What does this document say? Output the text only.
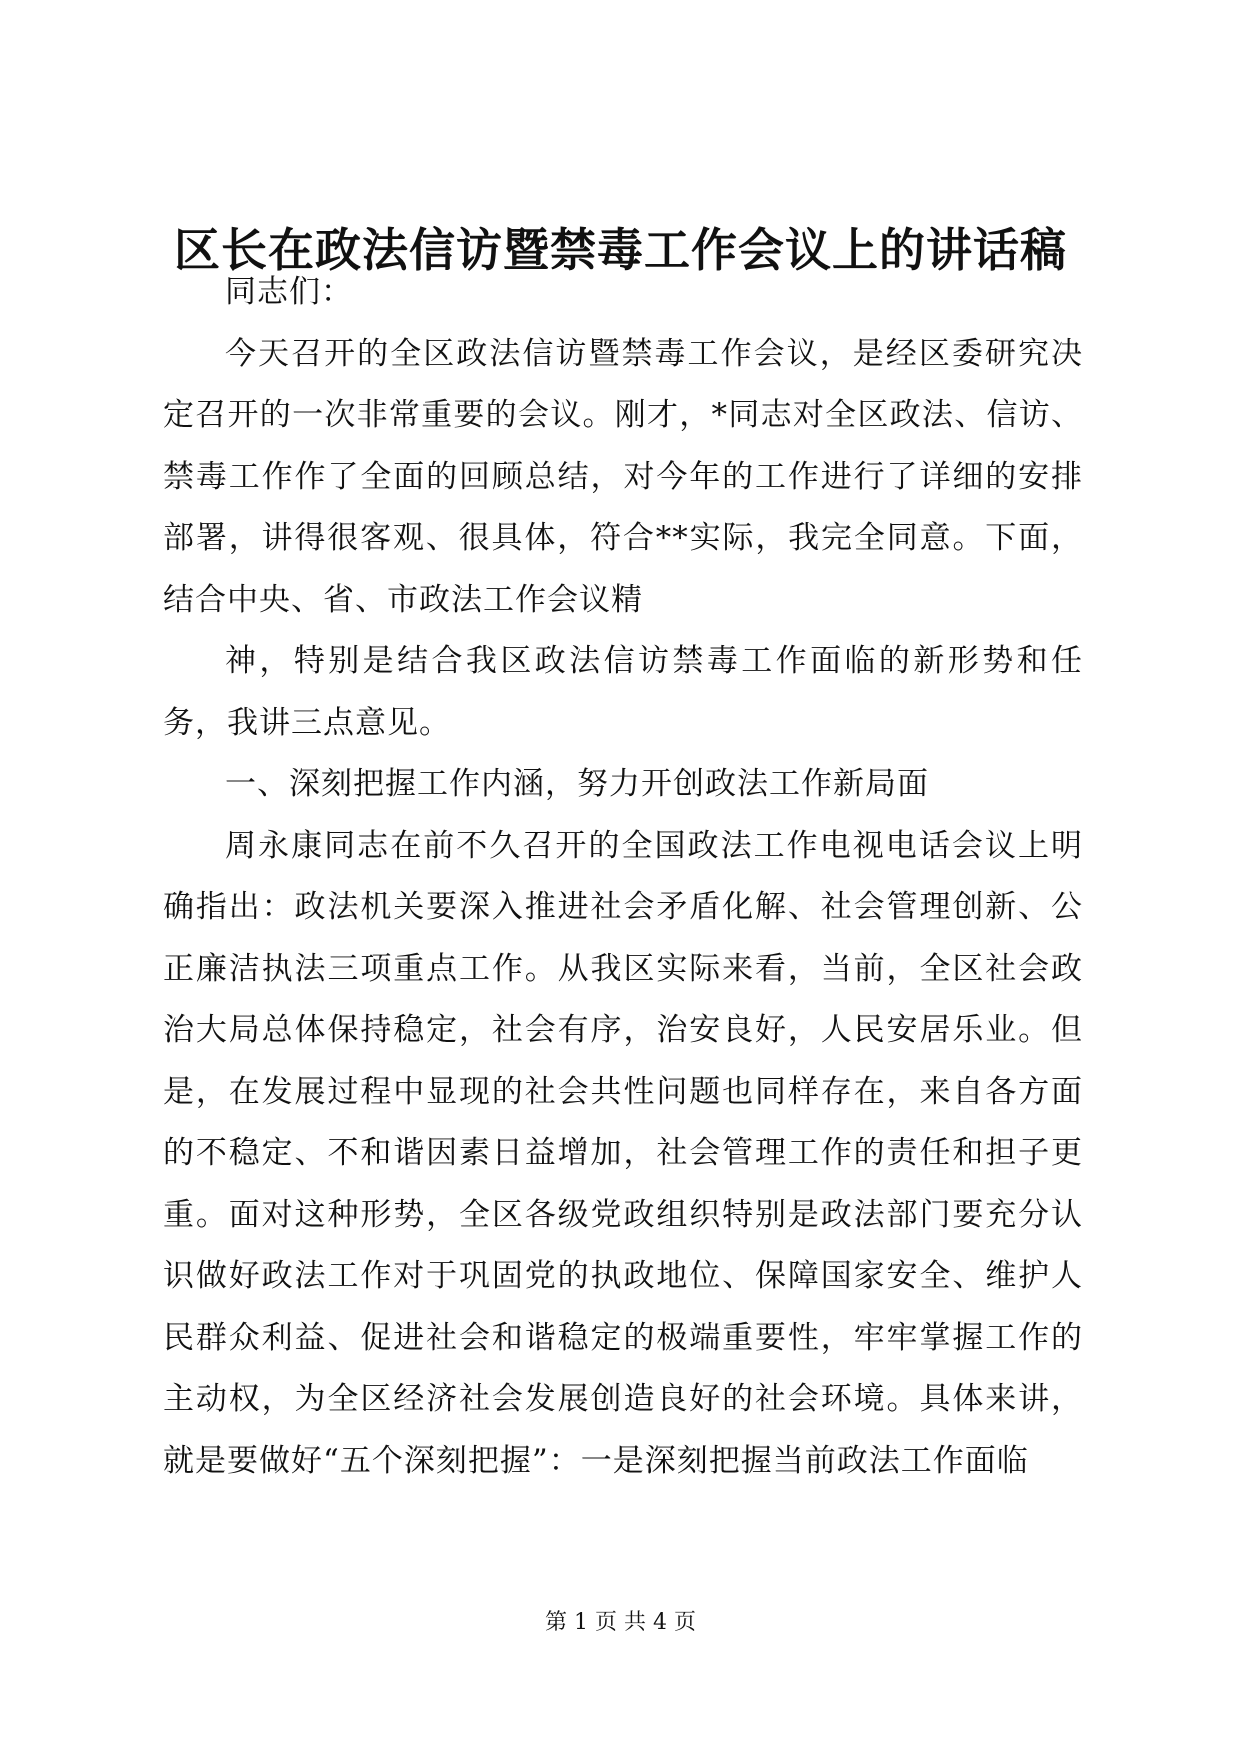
区长在政法信访暨禁毒工作会议上的讲话稿

同志们：

今天召开的全区政法信访暨禁毒工作会议，是经区委研究决定召开的一次非常重要的会议。刚才，*同志对全区政法、信访、禁毒工作作了全面的回顾总结，对今年的工作进行了详细的安排部署，讲得很客观、很具体，符合**实际，我完全同意。下面，结合中央、省、市政法工作会议精

神，特别是结合我区政法信访禁毒工作面临的新形势和任务，我讲三点意见。

一、深刻把握工作内涵，努力开创政法工作新局面

周永康同志在前不久召开的全国政法工作电视电话会议上明确指出：政法机关要深入推进社会矛盾化解、社会管理创新、公正廉洁执法三项重点工作。从我区实际来看，当前，全区社会政治大局总体保持稳定，社会有序，治安良好，人民安居乐业。但是，在发展过程中显现的社会共性问题也同样存在，来自各方面的不稳定、不和谐因素日益增加，社会管理工作的责任和担子更重。面对这种形势，全区各级党政组织特别是政法部门要充分认识做好政法工作对于巩固党的执政地位、保障国家安全、维护人民群众利益、促进社会和谐稳定的极端重要性，牢牢掌握工作的主动权，为全区经济社会发展创造良好的社会环境。具体来讲，就是要做好“五个深刻把握”：一是深刻把握当前政法工作面临

第 1 页 共 4 页
